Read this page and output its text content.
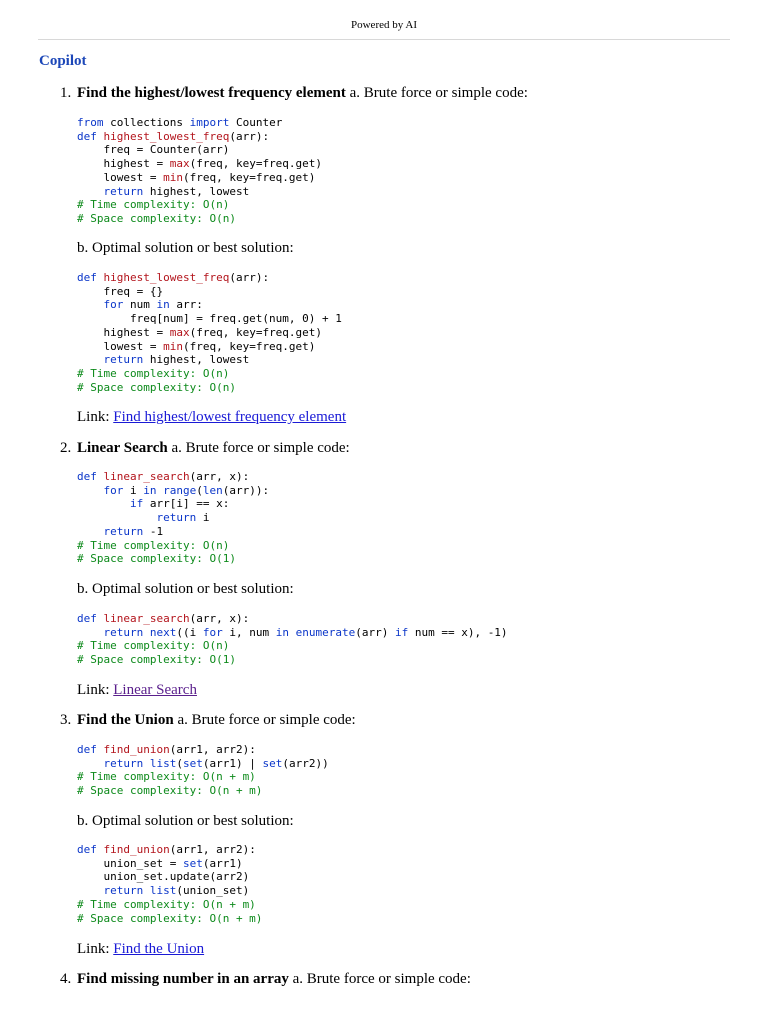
Powered by AI
Copilot
1. Find the highest/lowest frequency element a. Brute force or simple code:
from collections import Counter
def highest_lowest_freq(arr):
freq = Counter(arr)
highest = max(freq, key=freq.get)
lowest = min(freq, key=freq.get)
return highest, lowest
# Time complexity: O(n)
# Space complexity: O(n)
b. Optimal solution or best solution:
def highest_lowest_freq(arr):
freq = {}
for num in arr:
freq[num] = freq.get(num, 0) + 1
highest = max(freq, key=freq.get)
lowest = min(freq, key=freq.get)
return highest, lowest
# Time complexity: O(n)
# Space complexity: O(n)
Link: Find highest/lowest frequency element
2. Linear Search a. Brute force or simple code:
def linear_search(arr, x):
for i in range(len(arr)):
if arr[i] == x:
return i
return -1
# Time complexity: O(n)
# Space complexity: O(1)
b. Optimal solution or best solution:
def linear_search(arr, x):
return next((i for i, num in enumerate(arr) if num == x), -1)
# Time complexity: O(n)
# Space complexity: O(1)
Link: Linear Search
3. Find the Union a. Brute force or simple code:
def find_union(arr1, arr2):
return list(set(arr1) | set(arr2))
# Time complexity: O(n + m)
# Space complexity: O(n + m)
b. Optimal solution or best solution:
def find_union(arr1, arr2):
union_set = set(arr1)
union_set.update(arr2)
return list(union_set)
# Time complexity: O(n + m)
# Space complexity: O(n + m)
Link: Find the Union
4. Find missing number in an array a. Brute force or simple code:
